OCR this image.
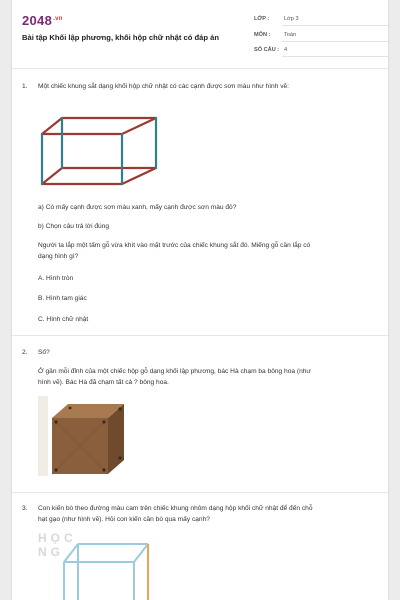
$2048^{.vn}$
Bài tập Khối lập phương, khối hộp chữ nhật có đáp án
LỚP :	Lớp 3
MÔN : Toán
SỐ CÂU : 4
1. Một chiếc khung sắt dạng khối hộp chữ nhật có các cạnh được sơn màu như hình vẽ:
a) Có mấy cạnh được sơn màu xanh, mấy cạnh được sơn màu đỏ?
b) Chọn câu trả lời đúng
Người ta lắp một tấm gỗ vừa khít vào mặt trước của chiếc khung sắt đó. Miếng gỗ cần lắp có
dạng hình gì?
A. Hình tròn
B. Hình tam giác
C. Hình chữ nhật
2. Số?
Ở gần mỗi đỉnh của một chiếc hộp gỗ dạng khối lập phương, bác Hà chạm ba bông hoa (như
hình vẽ). Bác Hà đã chạm tất cả ? bông hoa.
3. Con kiến bò theo đường màu cam trên chiếc khung nhôm dạng hộp khối chữ nhật để đến chỗ
hạt gạo (như hình vẽ). Hỏi con kiến cần bò qua mấy cạnh?
HỌC NG
